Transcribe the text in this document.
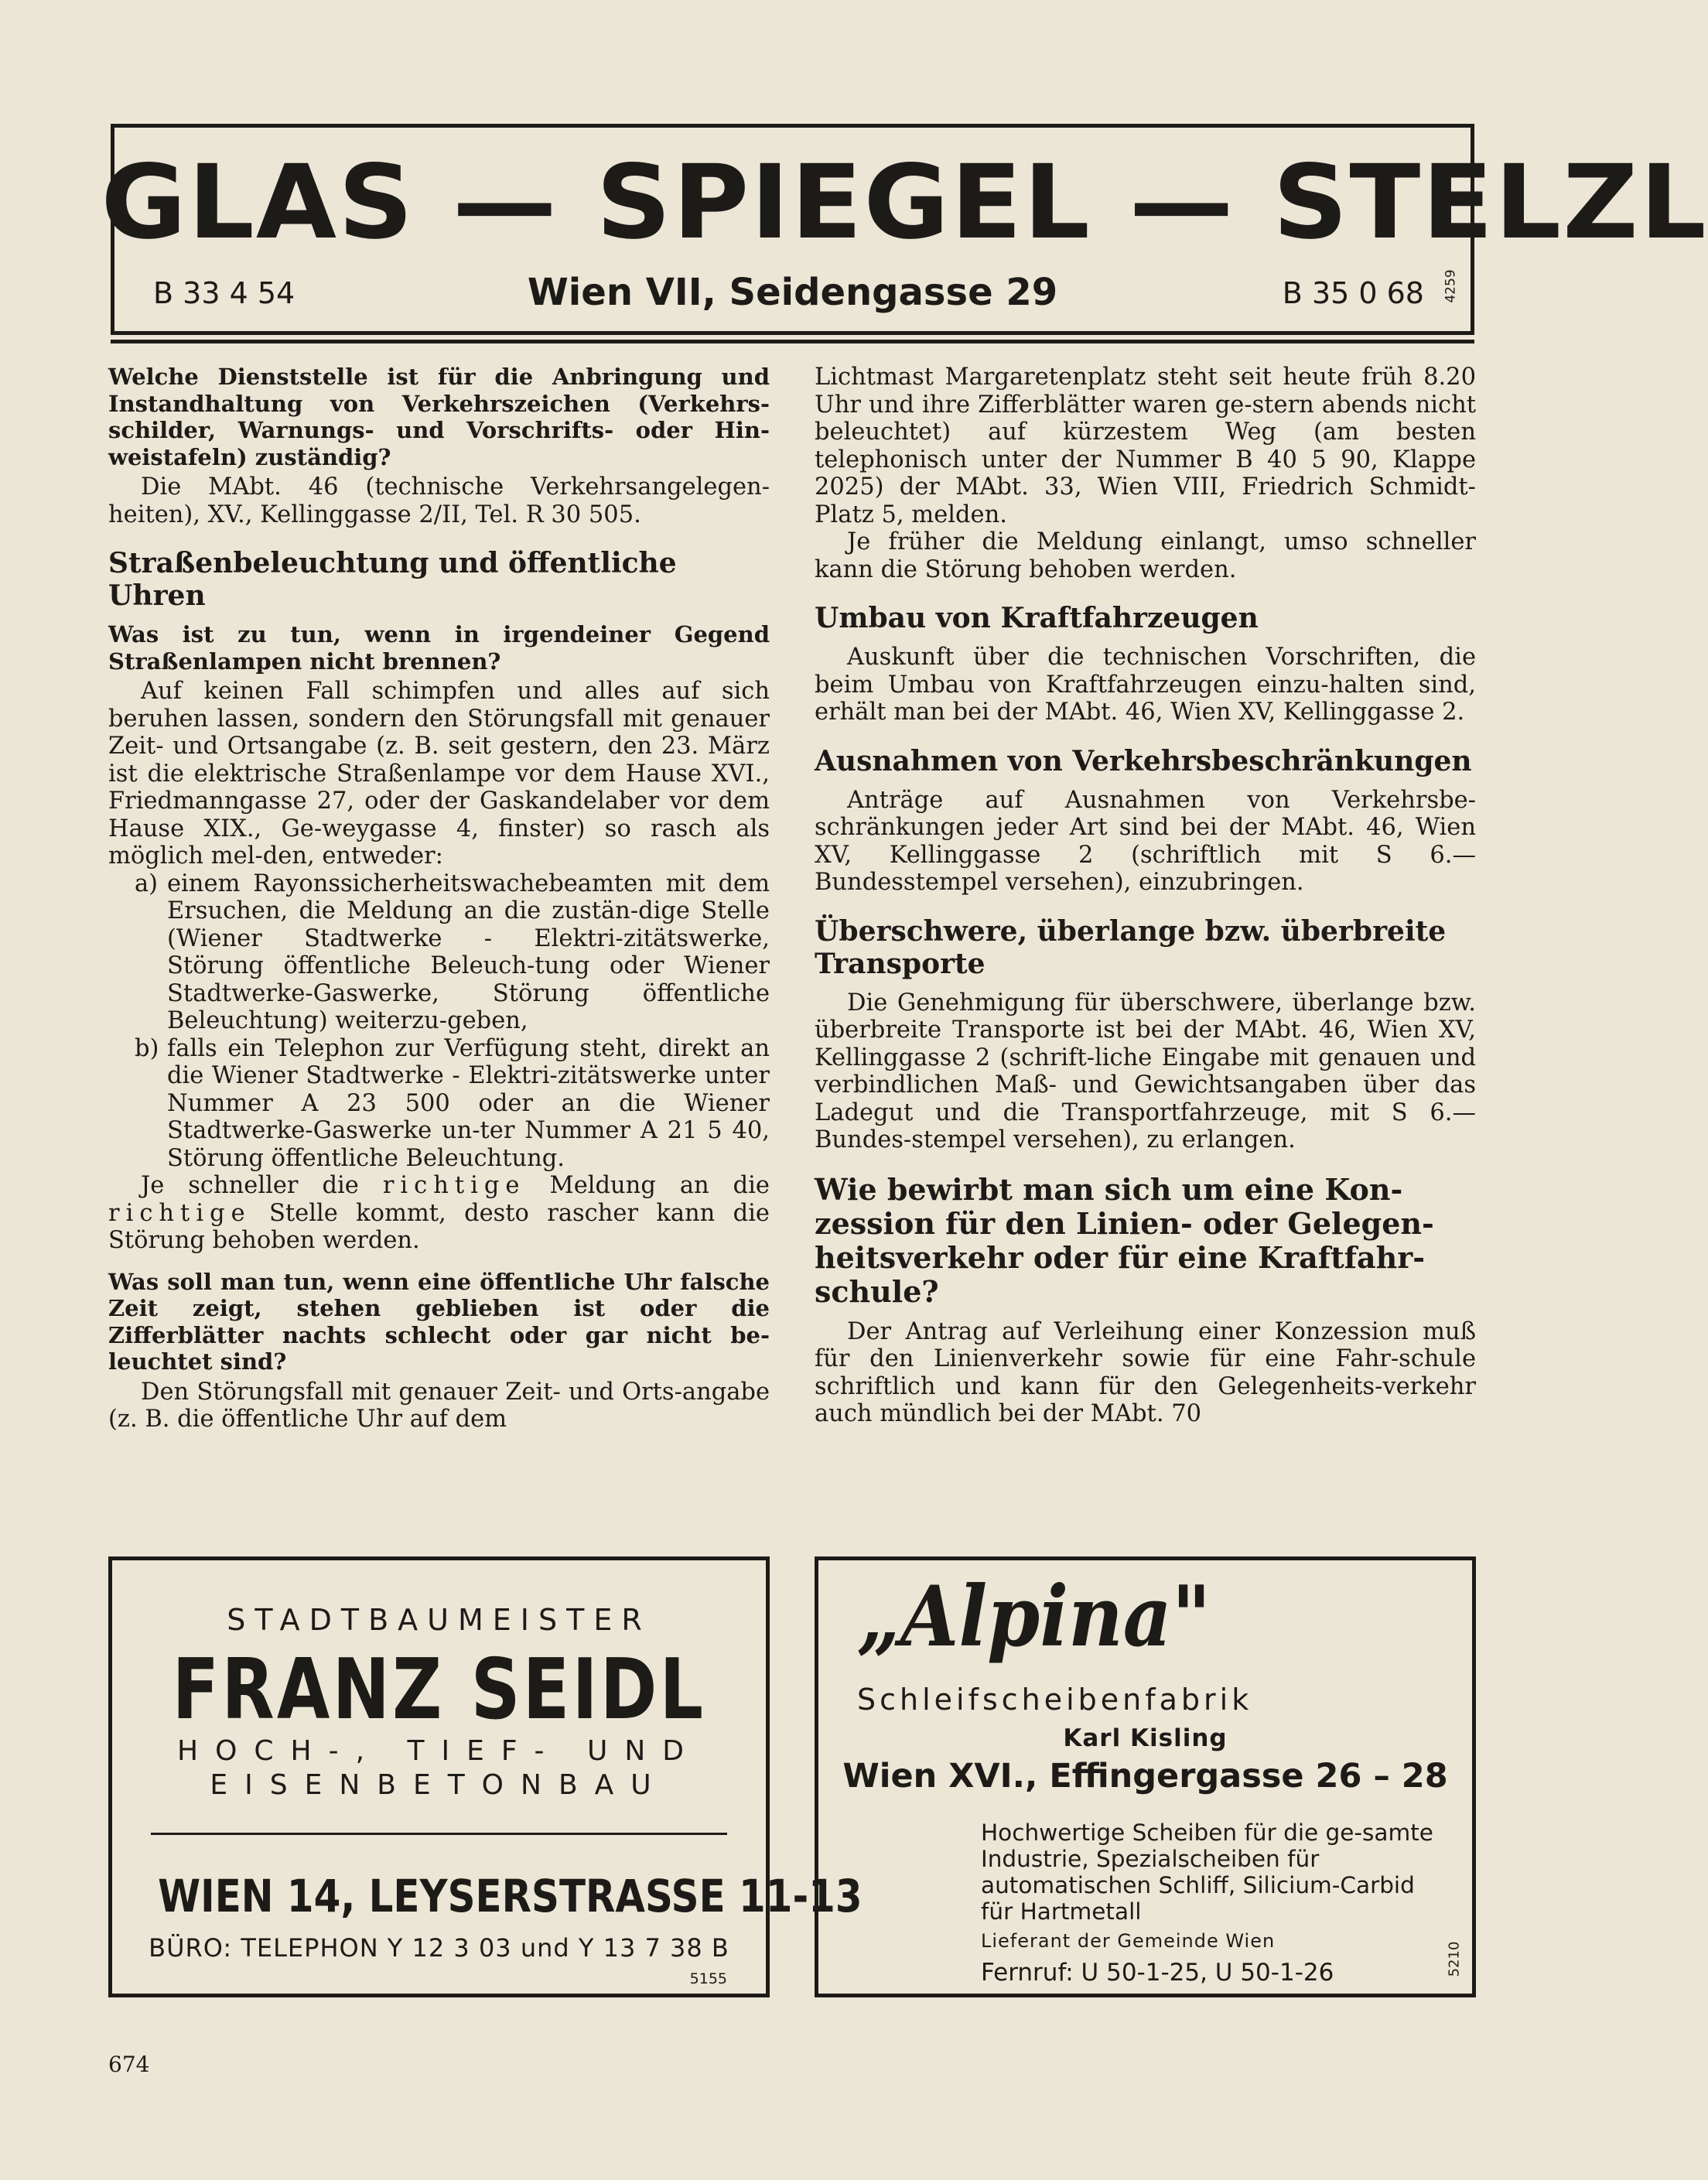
GLAS — SPIEGEL — STELZL
B 33 4 54	Wien VII, Seidengasse 29	B 35 0 68 4259

Welche Dienststelle ist für die Anbringung und Instandhaltung von Verkehrszeichen (Verkehrs-schilder, Warnungs- und Vorschrifts- oder Hin-weistafeln) zuständig?

Die MAbt. 46 (technische Verkehrsangelegen-heiten), XV., Kellinggasse 2/II, Tel. R 30 505.

Straßenbeleuchtung und öffentliche Uhren

Was ist zu tun, wenn in irgendeiner Gegend Straßenlampen nicht brennen?

Auf keinen Fall schimpfen und alles auf sich beruhen lassen, sondern den Störungsfall mit genauer Zeit- und Ortsangabe (z. B. seit gestern, den 23. März ist die elektrische Straßenlampe vor dem Hause XVI., Friedmanngasse 27, oder der Gaskandelaber vor dem Hause XIX., Ge-weygasse 4, finster) so rasch als möglich mel-den, entweder:

a) einem Rayonssicherheitswachebeamten mit dem Ersuchen, die Meldung an die zustän-dige Stelle (Wiener Stadtwerke - Elektri-zitätswerke, Störung öffentliche Beleuch-tung oder Wiener Stadtwerke-Gaswerke, Störung öffentliche Beleuchtung) weiterzu-geben,
b) falls ein Telephon zur Verfügung steht, direkt an die Wiener Stadtwerke - Elektri-zitätswerke unter Nummer A 23 500 oder an die Wiener Stadtwerke-Gaswerke un-ter Nummer A 21 5 40, Störung öffentliche Beleuchtung.

Je schneller die richtige Meldung an die richtige Stelle kommt, desto rascher kann die Störung behoben werden.

Was soll man tun, wenn eine öffentliche Uhr falsche Zeit zeigt, stehen geblieben ist oder die Zifferblätter nachts schlecht oder gar nicht be-leuchtet sind?

Den Störungsfall mit genauer Zeit- und Orts-angabe (z. B. die öffentliche Uhr auf dem

Lichtmast Margaretenplatz steht seit heute früh 8.20 Uhr und ihre Zifferblätter waren ge-stern abends nicht beleuchtet) auf kürzestem Weg (am besten telephonisch unter der Nummer B 40 5 90, Klappe 2025) der MAbt. 33, Wien VIII, Friedrich Schmidt-Platz 5, melden.

Je früher die Meldung einlangt, umso schneller kann die Störung behoben werden.

Umbau von Kraftfahrzeugen

Auskunft über die technischen Vorschriften, die beim Umbau von Kraftfahrzeugen einzu-halten sind, erhält man bei der MAbt. 46, Wien XV, Kellinggasse 2.

Ausnahmen von Verkehrsbeschränkungen

Anträge auf Ausnahmen von Verkehrsbe-schränkungen jeder Art sind bei der MAbt. 46, Wien XV, Kellinggasse 2 (schriftlich mit S 6.— Bundesstempel versehen), einzubringen.

Überschwere, überlange bzw. überbreite Transporte

Die Genehmigung für überschwere, überlange bzw. überbreite Transporte ist bei der MAbt. 46, Wien XV, Kellinggasse 2 (schrift-liche Eingabe mit genauen und verbindlichen Maß- und Gewichtsangaben über das Ladegut und die Transportfahrzeuge, mit S 6.— Bundes-stempel versehen), zu erlangen.

Wie bewirbt man sich um eine Kon-zession für den Linien- oder Gelegen-heitsverkehr oder für eine Kraftfahr-schule?

Der Antrag auf Verleihung einer Konzession muß für den Linienverkehr sowie für eine Fahr-schule schriftlich und kann für den Gelegenheits-verkehr auch mündlich bei der MAbt. 70

STADTBAUMEISTER
FRANZ SEIDL
HOCH-, TIEF- UND
EISENBETONBAU
WIEN 14, LEYSERSTRASSE 11-13
BÜRO: TELEPHON Y 12 3 03 und Y 13 7 38 B
5155
„Alpina"
Schleifscheibenfabrik
Karl Kisling
Wien XVI., Effingergasse 26 – 28
Hochwertige Scheiben für die ge-samte Industrie, Spezialscheiben für automatischen Schliff, Silicium-Carbid für Hartmetall
Lieferant der Gemeinde Wien
Fernruf: U 50-1-25, U 50-1-26	5210
674
